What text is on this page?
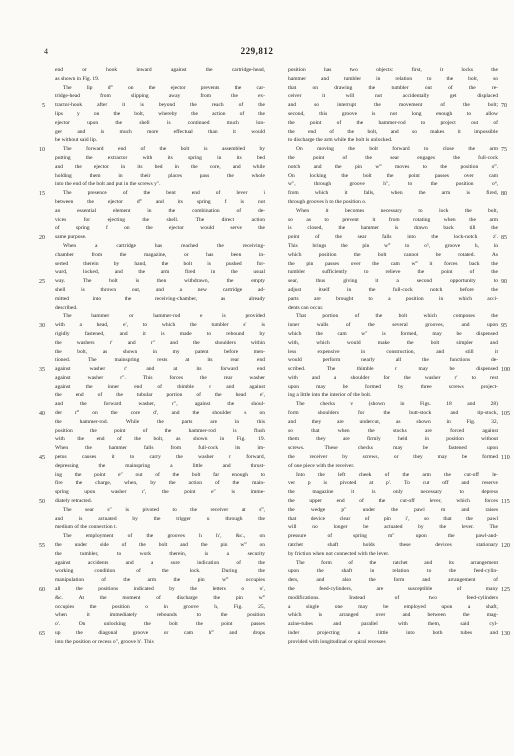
4	229,812
5
10
15
20
25
30
35
40
45
50
55
60
65
end or hook inward against the cartridge-head,
as shown in Fig. 19.
The lip d‴ on the ejector prevents the car-
tridge-head from slipping away from the ex-
tractor-hook after it is beyond the reach of the
lips y on the bolt, whereby the action of the
ejector upon the shell is continued much lon-
ger and is much more effectual than it would
be without said lip.
The forward end of the bolt is assembled by
putting the extractor with its spring in its bed
and the ejector in its bed in the core, and while
holding them in their places pass the whole
into the end of the bolt and put in the screws y″.
The presence of the bent end of lever i
between the ejector d‴ and its spring f is not
an essential element in the combination of de-
vices for ejecting the shell. The direct action
of spring f on the ejector would serve the
same purpose.
When a cartridge has reached the receiving-
chamber from the magazine, or has been in-
serted therein by hand, the bolt is pushed for-
ward, locked, and the arm fired in the usual
way. The bolt is then withdrawn, the empty
shell is thrown out, and a new cartridge ad-
mitted into the receiving-chamber, as already
described.
The hammer or hammer-rod e is provided
with a head, e′, to which the tumbler s′ is
rigidly fastened, and it is made to rebound by
the washers r′ and r″ and the shoulders within
the bolt, as shown in my patent before men-
tioned. The mainspring rests at its rear end
against washer r′ and at its forward end
against washer r″. This forces the rear washer
against the inner end of thimble r and against
the end of the tubular portion of the head e′,
and the forward washer, r″, against the shoul-
der r‴ on the core d′, and the shoulder s on
the hammer-rod. While the parts are in this
position the point of the hammer-rod is flush
with the end of the bolt, as shown in Fig. 19.
When the hammer falls from full-cock its im-
petus causes it to carry the washer r forward,
depressing the mainspring a little and thrust-
ing the point e″ out of the bolt far enough to
fire the charge, when, by the action of the main-
spring upon washer r′, the point e″ is imme-
diately retracted.
The sear s″ is pivoted to the receiver at s‴,
and is actuated by the trigger u through the
medium of the connection t.
The employment of the grooves h h′, &c., on
the under side of the bolt and the pin w‴ on
the tumbler, to work therein, is a security
against accidents and a sure indication of the
working condition of the lock. During the
manipulation of the arm the pin w‴ occupies
all the positions indicated by the letters o o′,
&c. At the moment of discharge the pin w‴
occupies the position o in groove h, Fig. 25,
when it immediately rebounds to the position
o′. On unlocking the bolt the point passes
up the diagonal groove or cam h‴ and drops
into the position or recess o″, groove h′. This
position has two objects: first, it locks the
hammer and tumbler in relation to the bolt, so
that on drawing the tumbler out of the re-
ceiver it will not accidentally get displaced
and so interrupt the movement of the bolt;
second, this groove is not long enough to allow
the point of the hammer-rod to project out of
the end of the bolt, and so makes it impossible
to discharge the arm while the bolt is unlocked.
On moving the bolt forward to close the arm
the point of the sear engages the full-cock
notch and the pin w‴ moves to the position o‴.
On locking the bolt the point passes over cam
w″, through groove h″, to the position o⁴,
from which it falls, when the arm is fired,
through grooves h to the position o.
When it becomes necessary to lock the bolt,
so as to prevent it from rotating when the arm
is closed, the hammer is drawn back till the
point of the sear falls into the lock-notch z′.
This brings the pin w‴ to o⁵, groove h, in
which position the bolt cannot be rotated. As
the pin passes over the cam w‴ it forces back the
tumbler sufficiently to relieve the point of the
sear, thus giving it a second opportunity to
adjust itself in the full-cock notch before the
parts are brought to a position in which acci-
dents can occur.
That portion of the bolt which composes the
inner walls of the several grooves, and upon
which the cam w″ is formed, may be dispensed
with, which would make the bolt simpler and
less expensive in construction, and still it
would perform nearly all the functions de-
scribed. The thimble r may be dispensed
with and a shoulder for the washer r′ to rest
upon may be formed by three screws project-
ing a little into the interior of the bolt.
The checks v (shown in Figs. 18 and 28)
form shoulders for the butt-stock and tip-stock,
and they are undercut, as shown in Fig. 32,
so that when the stocks are forced against
them they are firmly held in position without
screws. These checks may be fastened upon
the receiver by screws, or they may be formed
of one piece with the receiver.
Into the left cheek of the arm the cut-off le-
ver p is pivoted at p′. To cut off and reserve
the magazine it is only necessary to depress
the upper end of the cut-off lever, which forces
the wedge p″ under the pawl m and raises
that device clear of pin i′, so that the pawl
will no longer be actuated by the lever. The
pressure of spring m″ upon the pawl-and-
ratchet shaft holds these devices stationary
by friction when not connected with the lever.
The form of the ratchet and its arrangement
upon the shaft in relation to the feed-cylin-
ders, and also the form and arrangement of
the feed-cylinders, are susceptible of many
modifications. Instead of two feed-cylinders
a single one may be employed upon a shaft,
which is arranged over and between the mag-
azine-tubes and parallel with them, said cyl-
inder projecting a little into both tubes and
provided with longitudinal or spiral recesses
70
75
80
85
90
95
100
105
110
115
120
125
130
